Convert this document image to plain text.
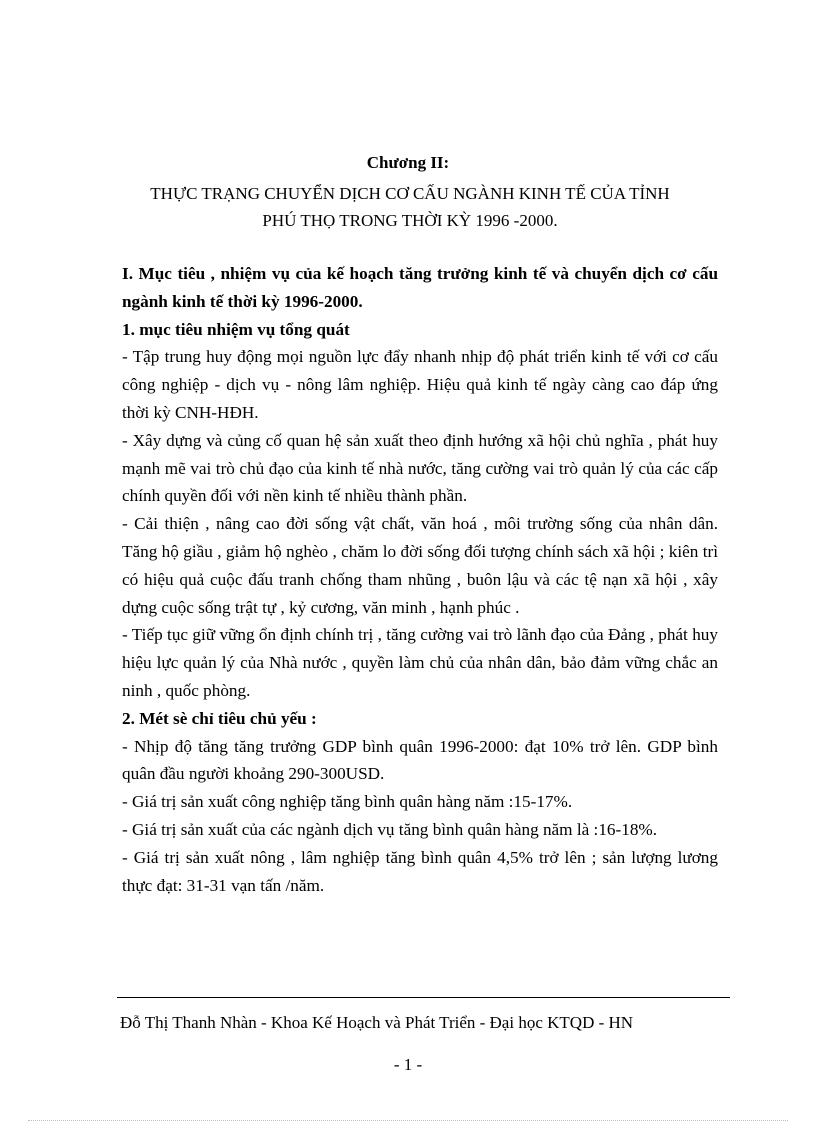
Chương II:
THỰC TRẠNG CHUYỂN DỊCH CƠ CẤU NGÀNH KINH TẾ CỦA TỈNH
PHÚ THỌ TRONG THỜI KỲ 1996 -2000.

I. Mục tiêu , nhiệm vụ của kế hoạch tăng trưởng kinh tế và chuyển dịch cơ cấu ngành kinh tế thời kỳ 1996-2000.

1. mục tiêu nhiệm vụ tổng quát

- Tập trung huy động mọi nguồn lực đẩy nhanh nhịp độ phát triển kinh tế với cơ cấu công nghiệp - dịch vụ - nông lâm nghiệp. Hiệu quả kinh tế ngày càng cao đáp ứng thời kỳ CNH-HĐH.

- Xây dựng và củng cố quan hệ sản xuất theo định hướng xã hội chủ nghĩa , phát huy mạnh mẽ vai trò chủ đạo của kinh tế nhà nước, tăng cường vai trò quản lý của các cấp chính quyền đối với nền kinh tế nhiều thành phần.

- Cải thiện , nâng cao đời sống vật chất, văn hoá , môi trường sống của nhân dân. Tăng hộ giầu , giảm hộ nghèo , chăm lo đời sống đối tượng chính sách xã hội ; kiên trì có hiệu quả cuộc đấu tranh chống tham nhũng , buôn lậu và các tệ nạn xã hội , xây dựng cuộc sống trật tự , kỷ cương, văn minh , hạnh phúc .

- Tiếp tục giữ vững ổn định chính trị , tăng cường vai trò lãnh đạo của Đảng , phát huy hiệu lực quản lý của Nhà nước , quyền làm chủ của nhân dân, bảo đảm vững chắc an ninh , quốc phòng.

2. Mét sè chỉ tiêu chủ yếu :

- Nhịp độ tăng tăng trưởng GDP bình quân 1996-2000: đạt 10% trở lên. GDP bình quân đầu người khoảng 290-300USD.

- Giá trị sản xuất công nghiệp tăng bình quân hàng năm :15-17%.

- Giá trị sản xuất của các ngành dịch vụ tăng bình quân hàng năm là :16-18%.

- Giá trị sản xuất nông , lâm nghiệp tăng bình quân 4,5% trở lên ; sản lượng lương thực đạt: 31-31 vạn tấn /năm.

Đỗ Thị Thanh Nhàn - Khoa Kế Hoạch và Phát Triển - Đại học KTQD - HN
- 1 -
